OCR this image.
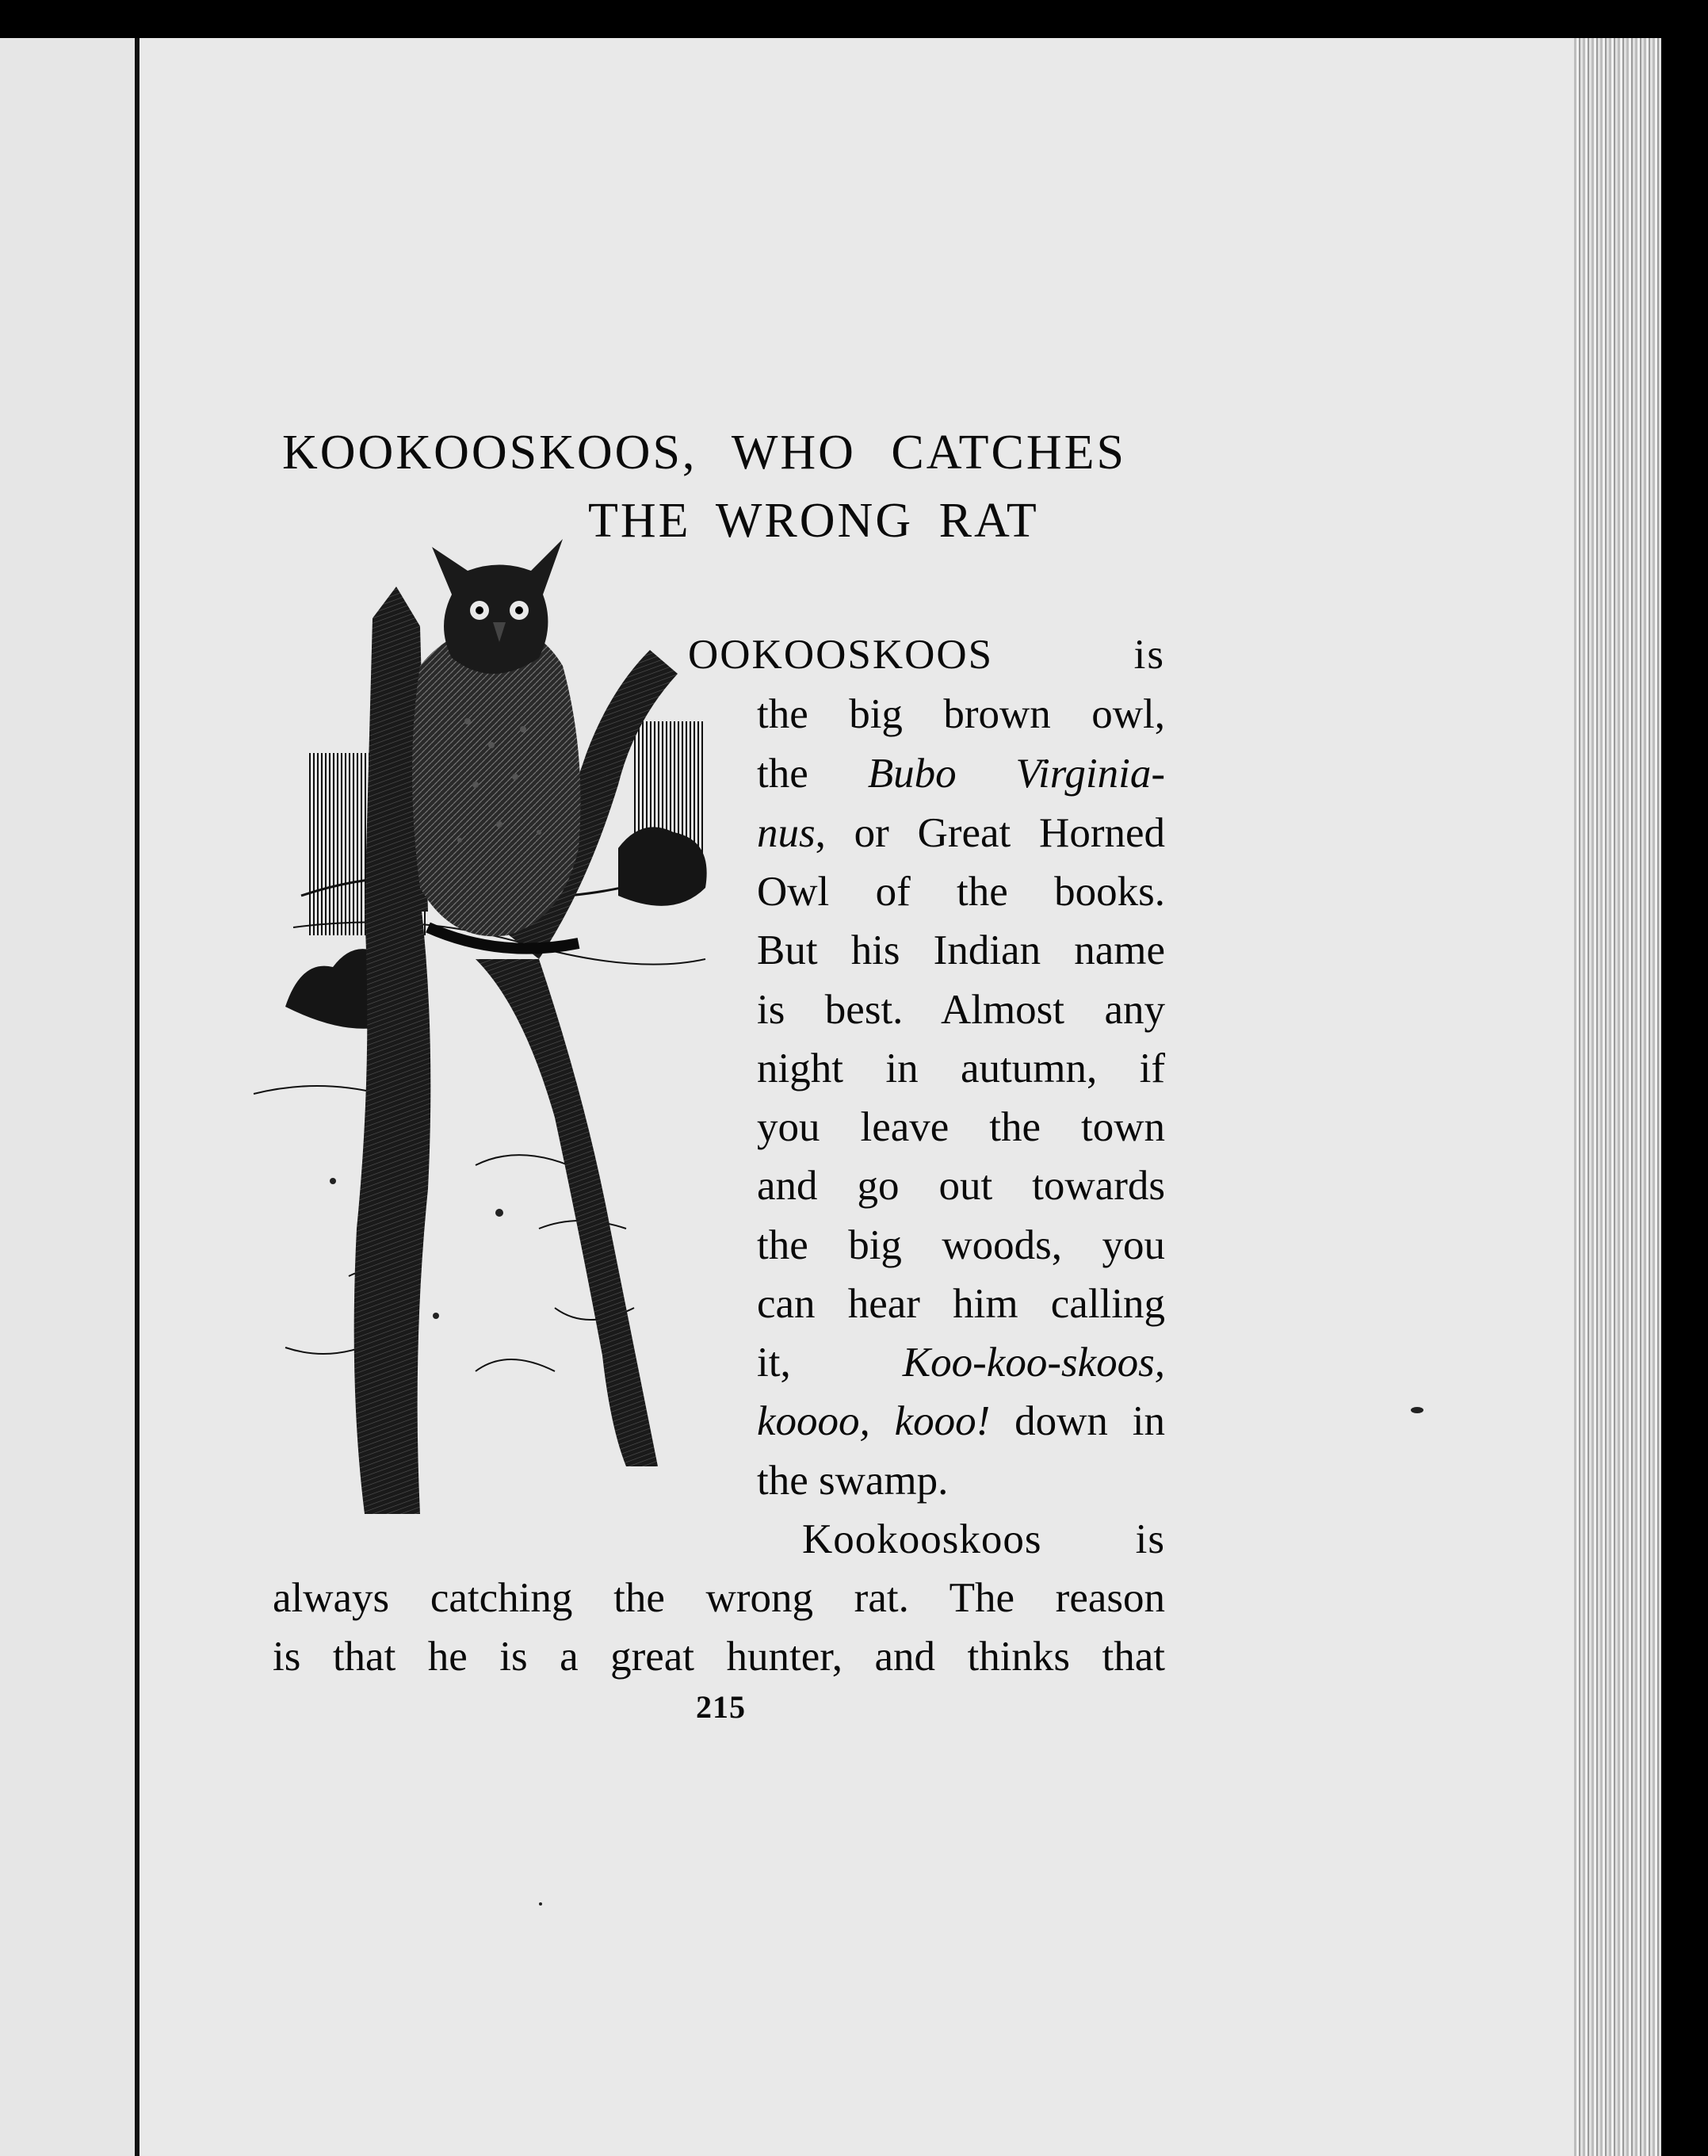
KOOKOOSKOOS, WHO CATCHES
THE WRONG RAT
OOKOOSKOOS is
the big brown owl,
the Bubo Virginia-
nus, or Great Horned
Owl of the books.
But his Indian name
is best. Almost any
night in autumn, if
you leave the town
and go out towards
the big woods, you
can hear him calling
it, Koo-koo-skoos,
koooo, kooo! down in
the swamp.
Kookooskoos is
always catching the wrong rat. The reason
is that he is a great hunter, and thinks that
215
